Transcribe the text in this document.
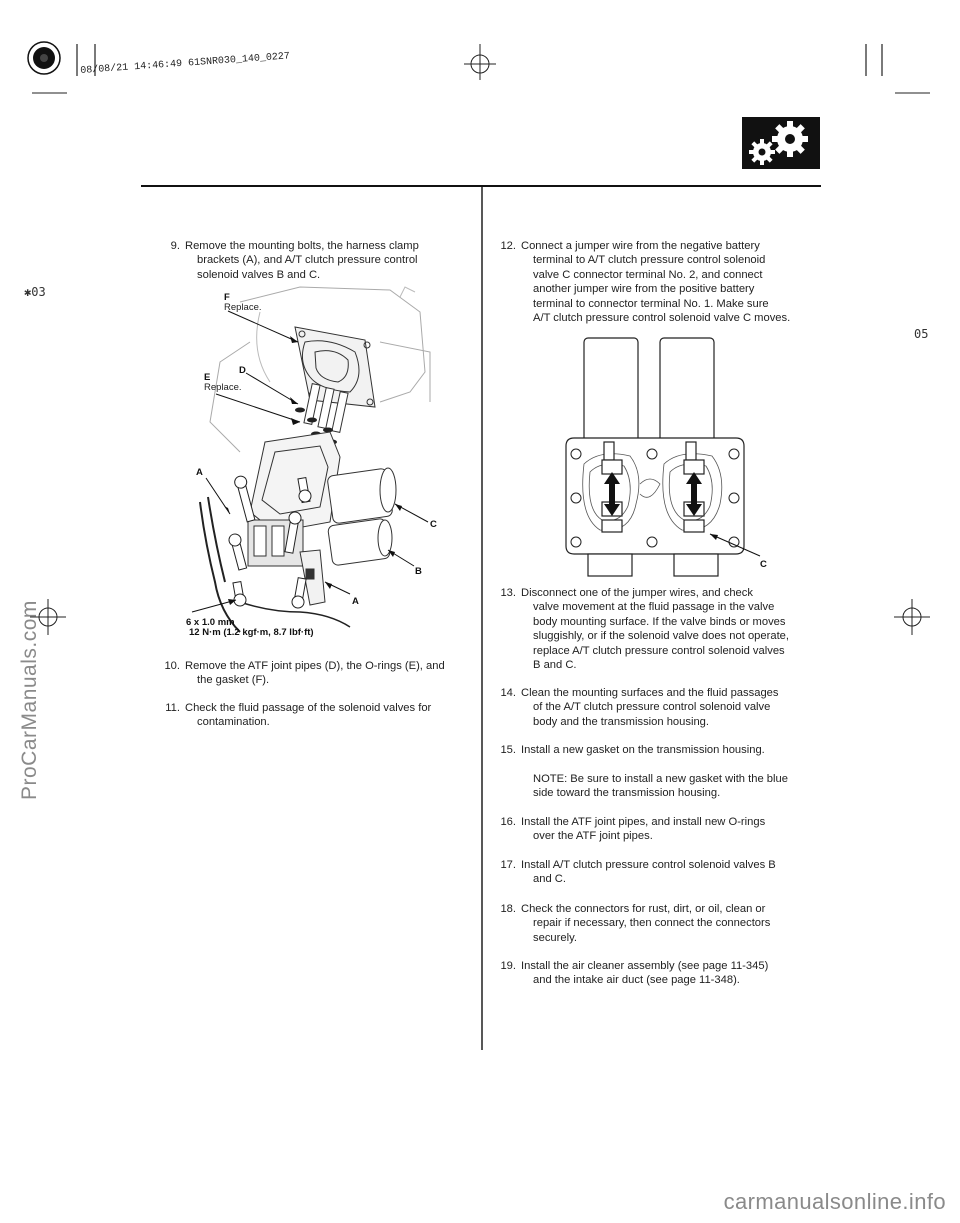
08/08/21 14:46:49 61SNR030_140_0227
✱03
05
9. Remove the mounting bolts, the harness clamp
brackets (A), and A/T clutch pressure control
solenoid valves B and C.
10. Remove the ATF joint pipes (D), the O-rings (E), and
the gasket (F).
11. Check the fluid passage of the solenoid valves for
contamination.
F
Replace.
D
E
Replace.
A
C
B
A
6 x 1.0 mm
12 N·m (1.2 kgf·m, 8.7 lbf·ft)
12. Connect a jumper wire from the negative battery
terminal to A/T clutch pressure control solenoid
valve C connector terminal No. 2, and connect
another jumper wire from the positive battery
terminal to connector terminal No. 1. Make sure
A/T clutch pressure control solenoid valve C moves.
C
13. Disconnect one of the jumper wires, and check
valve movement at the fluid passage in the valve
body mounting surface. If the valve binds or moves
sluggishly, or if the solenoid valve does not operate,
replace A/T clutch pressure control solenoid valves
B and C.
14. Clean the mounting surfaces and the fluid passages
of the A/T clutch pressure control solenoid valve
body and the transmission housing.
15. Install a new gasket on the transmission housing.
NOTE: Be sure to install a new gasket with the blue
side toward the transmission housing.
16. Install the ATF joint pipes, and install new O-rings
over the ATF joint pipes.
17. Install A/T clutch pressure control solenoid valves B
and C.
18. Check the connectors for rust, dirt, or oil, clean or
repair if necessary, then connect the connectors
securely.
19. Install the air cleaner assembly (see page 11-345)
and the intake air duct (see page 11-348).
ProCarManuals.com
carmanualsonline.info
